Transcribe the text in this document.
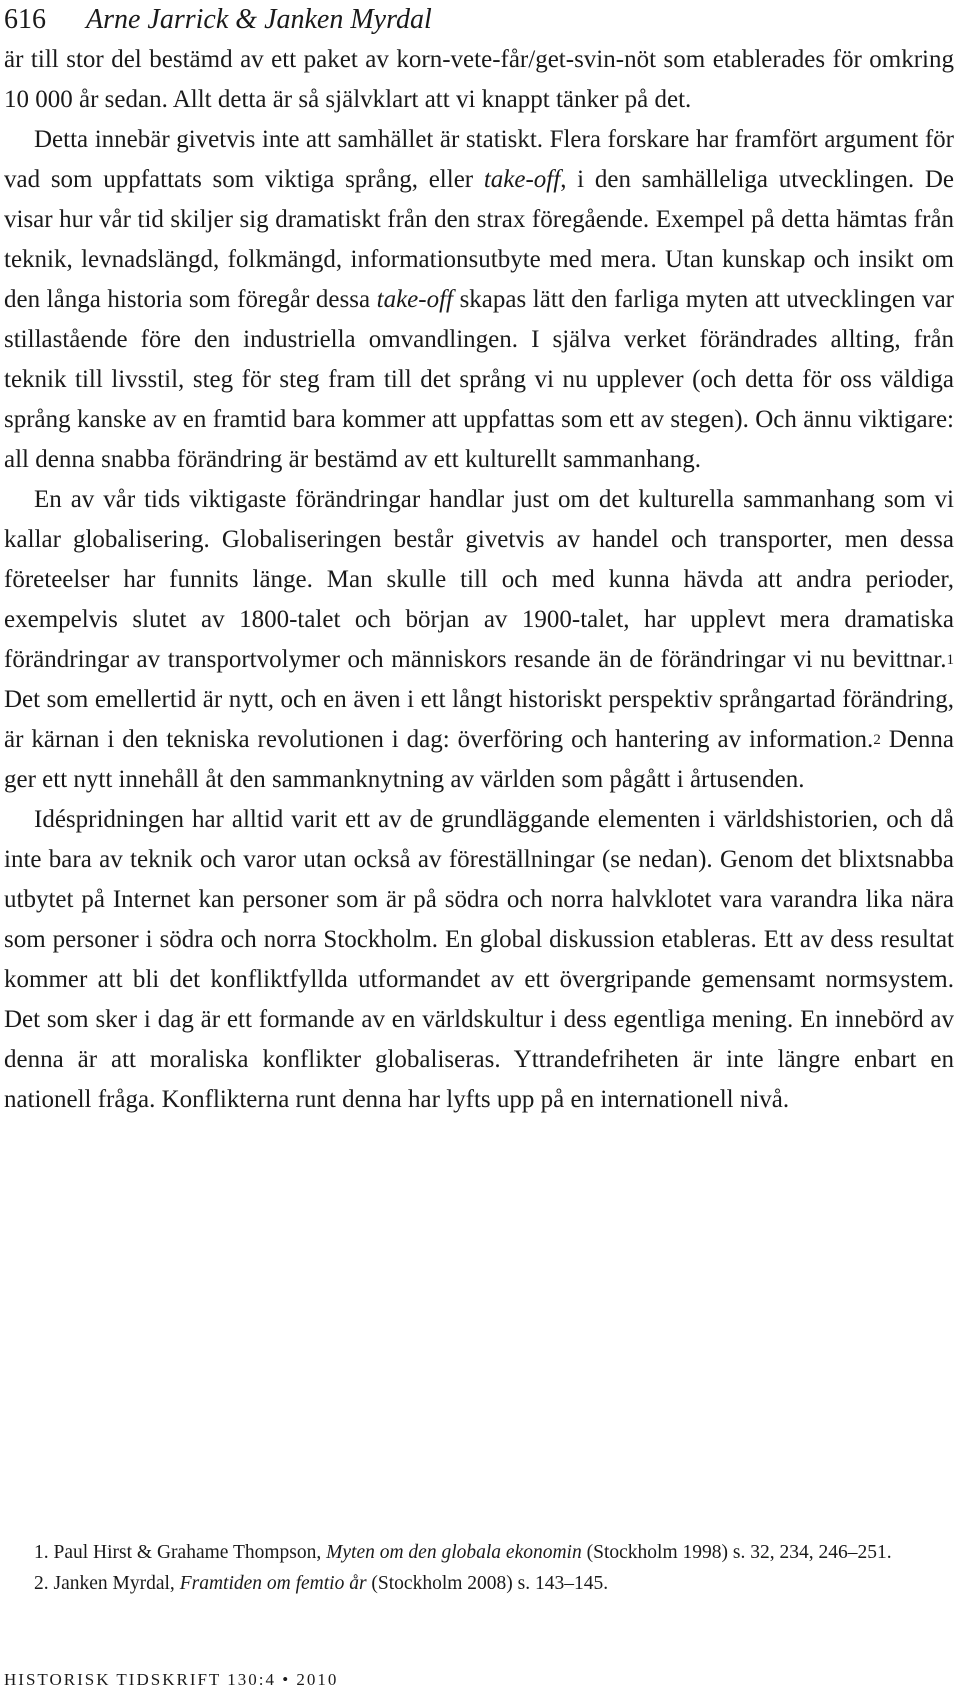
616 Arne Jarrick & Janken Myrdal

är till stor del bestämd av ett paket av korn-vete-får/get-svin-nöt som etablerades för omkring 10 000 år sedan. Allt detta är så självklart att vi knappt tänker på det.

Detta innebär givetvis inte att samhället är statiskt. Flera forskare har framfört argument för vad som uppfattats som viktiga språng, eller take-off, i den samhälleliga utvecklingen. De visar hur vår tid skiljer sig dramatiskt från den strax föregående. Exempel på detta hämtas från teknik, levnadslängd, folkmängd, informationsutbyte med mera. Utan kunskap och insikt om den långa historia som föregår dessa take-off skapas lätt den farliga myten att utvecklingen var stillastående före den industriella omvandlingen. I själva verket förändrades allting, från teknik till livsstil, steg för steg fram till det språng vi nu upplever (och detta för oss väldiga språng kanske av en framtid bara kommer att uppfattas som ett av stegen). Och ännu viktigare: all denna snabba förändring är bestämd av ett kulturellt sammanhang.

En av vår tids viktigaste förändringar handlar just om det kulturella sammanhang som vi kallar globalisering. Globaliseringen består givetvis av handel och transporter, men dessa företeelser har funnits länge. Man skulle till och med kunna hävda att andra perioder, exempelvis slutet av 1800-talet och början av 1900-talet, har upplevt mera dramatiska förändringar av transportvolymer och människors resande än de förändringar vi nu bevittnar.$^1$ Det som emellertid är nytt, och en även i ett långt historiskt perspektiv språngartad förändring, är kärnan i den tekniska revolutionen i dag: överföring och hantering av information.$^2$ Denna ger ett nytt innehåll åt den sammanknytning av världen som pågått i årtusenden.

Idéspridningen har alltid varit ett av de grundläggande elementen i världshistorien, och då inte bara av teknik och varor utan också av föreställningar (se nedan). Genom det blixtsnabba utbytet på Internet kan personer som är på södra och norra halvklotet vara varandra lika nära som personer i södra och norra Stockholm. En global diskussion etableras. Ett av dess resultat kommer att bli det konfliktfyllda utformandet av ett övergripande gemensamt normsystem. Det som sker i dag är ett formande av en världskultur i dess egentliga mening. En innebörd av denna är att moraliska konflikter globaliseras. Yttrandefriheten är inte längre enbart en nationell fråga. Konflikterna runt denna har lyfts upp på en internationell nivå.

1. Paul Hirst & Grahame Thompson, Myten om den globala ekonomin (Stockholm 1998) s. 32, 234, 246–251.

2. Janken Myrdal, Framtiden om femtio år (Stockholm 2008) s. 143–145.

HISTORISK TIDSKRIFT 130:4 • 2010
